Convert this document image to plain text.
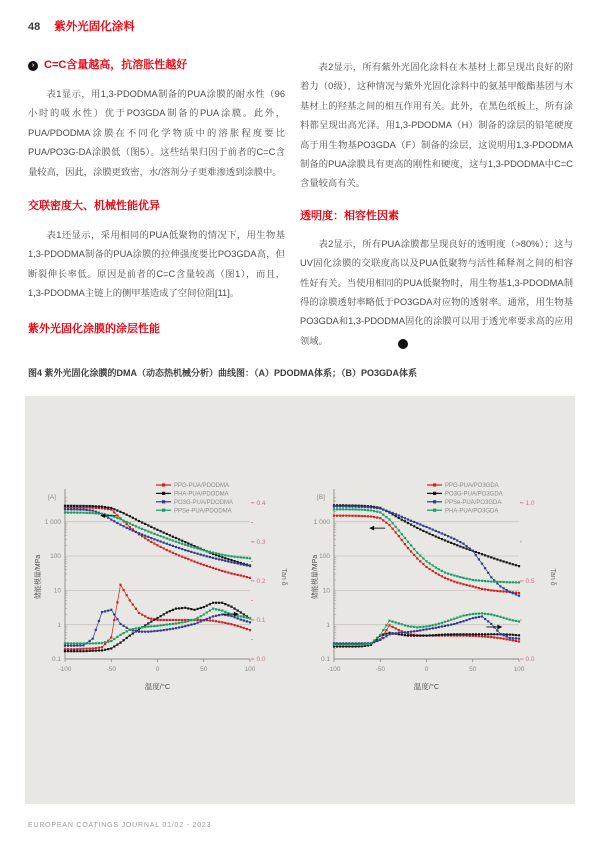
48 紫外光固化涂料
› C=C含量越高，抗溶胀性越好

表1显示，用1,3-PDODMA制备的PUA涂膜的耐水性（96小时的吸水性）优于PO3GDA制备的PUA涂膜。此外，PUA/PDODMA涂膜在不同化学物质中的溶胀程度要比PUA/PO3G-DA涂膜低（图5）。这些结果归因于前者的C=C含量较高，因此，涂膜更致密，水/溶剂分子更难渗透到涂膜中。

交联密度大、机械性能优异

表1还显示，采用相同的PUA低聚物的情况下，用生物基1,3-PDODMA制备的PUA涂膜的拉伸强度要比PO3GDA高，但断裂伸长率低。原因是前者的C=C含量较高（图1），而且，1,3-PDODMA主链上的侧甲基造成了空间位阻[11]。

紫外光固化涂膜的涂层性能

表2显示，所有紫外光固化涂料在木基材上都呈现出良好的附着力（0级），这种情况与紫外光固化涂料中的氨基甲酸酯基团与木基材上的羟基之间的相互作用有关。此外，在黑色纸板上，所有涂料都呈现出高光泽。用1,3-PDODMA（H）制备的涂层的铅笔硬度高于用生物基PO3GDA（F）制备的涂层，这说明用1,3-PDODMA制备的PUA涂膜具有更高的刚性和硬度，这与1,3-PDODMA中C=C含量较高有关。

透明度：相容性因素

表2显示，所有PUA涂膜都呈现良好的透明度（>80%）；这与UV固化涂膜的交联度高以及PUA低聚物与活性稀释剂之间的相容性好有关。当使用相同的PUA低聚物时，用生物基1,3-PDODMA制得的涂膜透射率略低于PO3GDA对应物的透射率。通常，用生物基PO3GDA和1,3-PDODMA固化的涂膜可以用于透光率要求高的应用领域。	‹

图4 紫外光固化涂膜的DMA（动态热机械分析）曲线图：（A）PDODMA体系；（B）PO3GDA体系
1 000
100
10
1
0.1
-100	-50	0	50	100
0.4
0.3
0.2
0.1
0.0
储能模量/MPa	Tan δ
温度/°C
[A]
PPG-PUA/PDODMA
PHA-PUA/PDODMA
PO3G-PUA/PDODMA
PPSe-PUA/PDODMA
1 000
100
10
1
0.1
-100	-50	0	50	100
1.0
0.5
0.0
储能模量/MPa	Tan δ
温度/°C
[B]
PPG-PUA/PO3GDA
PO3G-PUA/PO3GDA
PPSe-PUA/PO3GDA
PHA-PUA/PO3GDA
EUROPEAN COATINGS JOURNAL 01/02 - 2023
